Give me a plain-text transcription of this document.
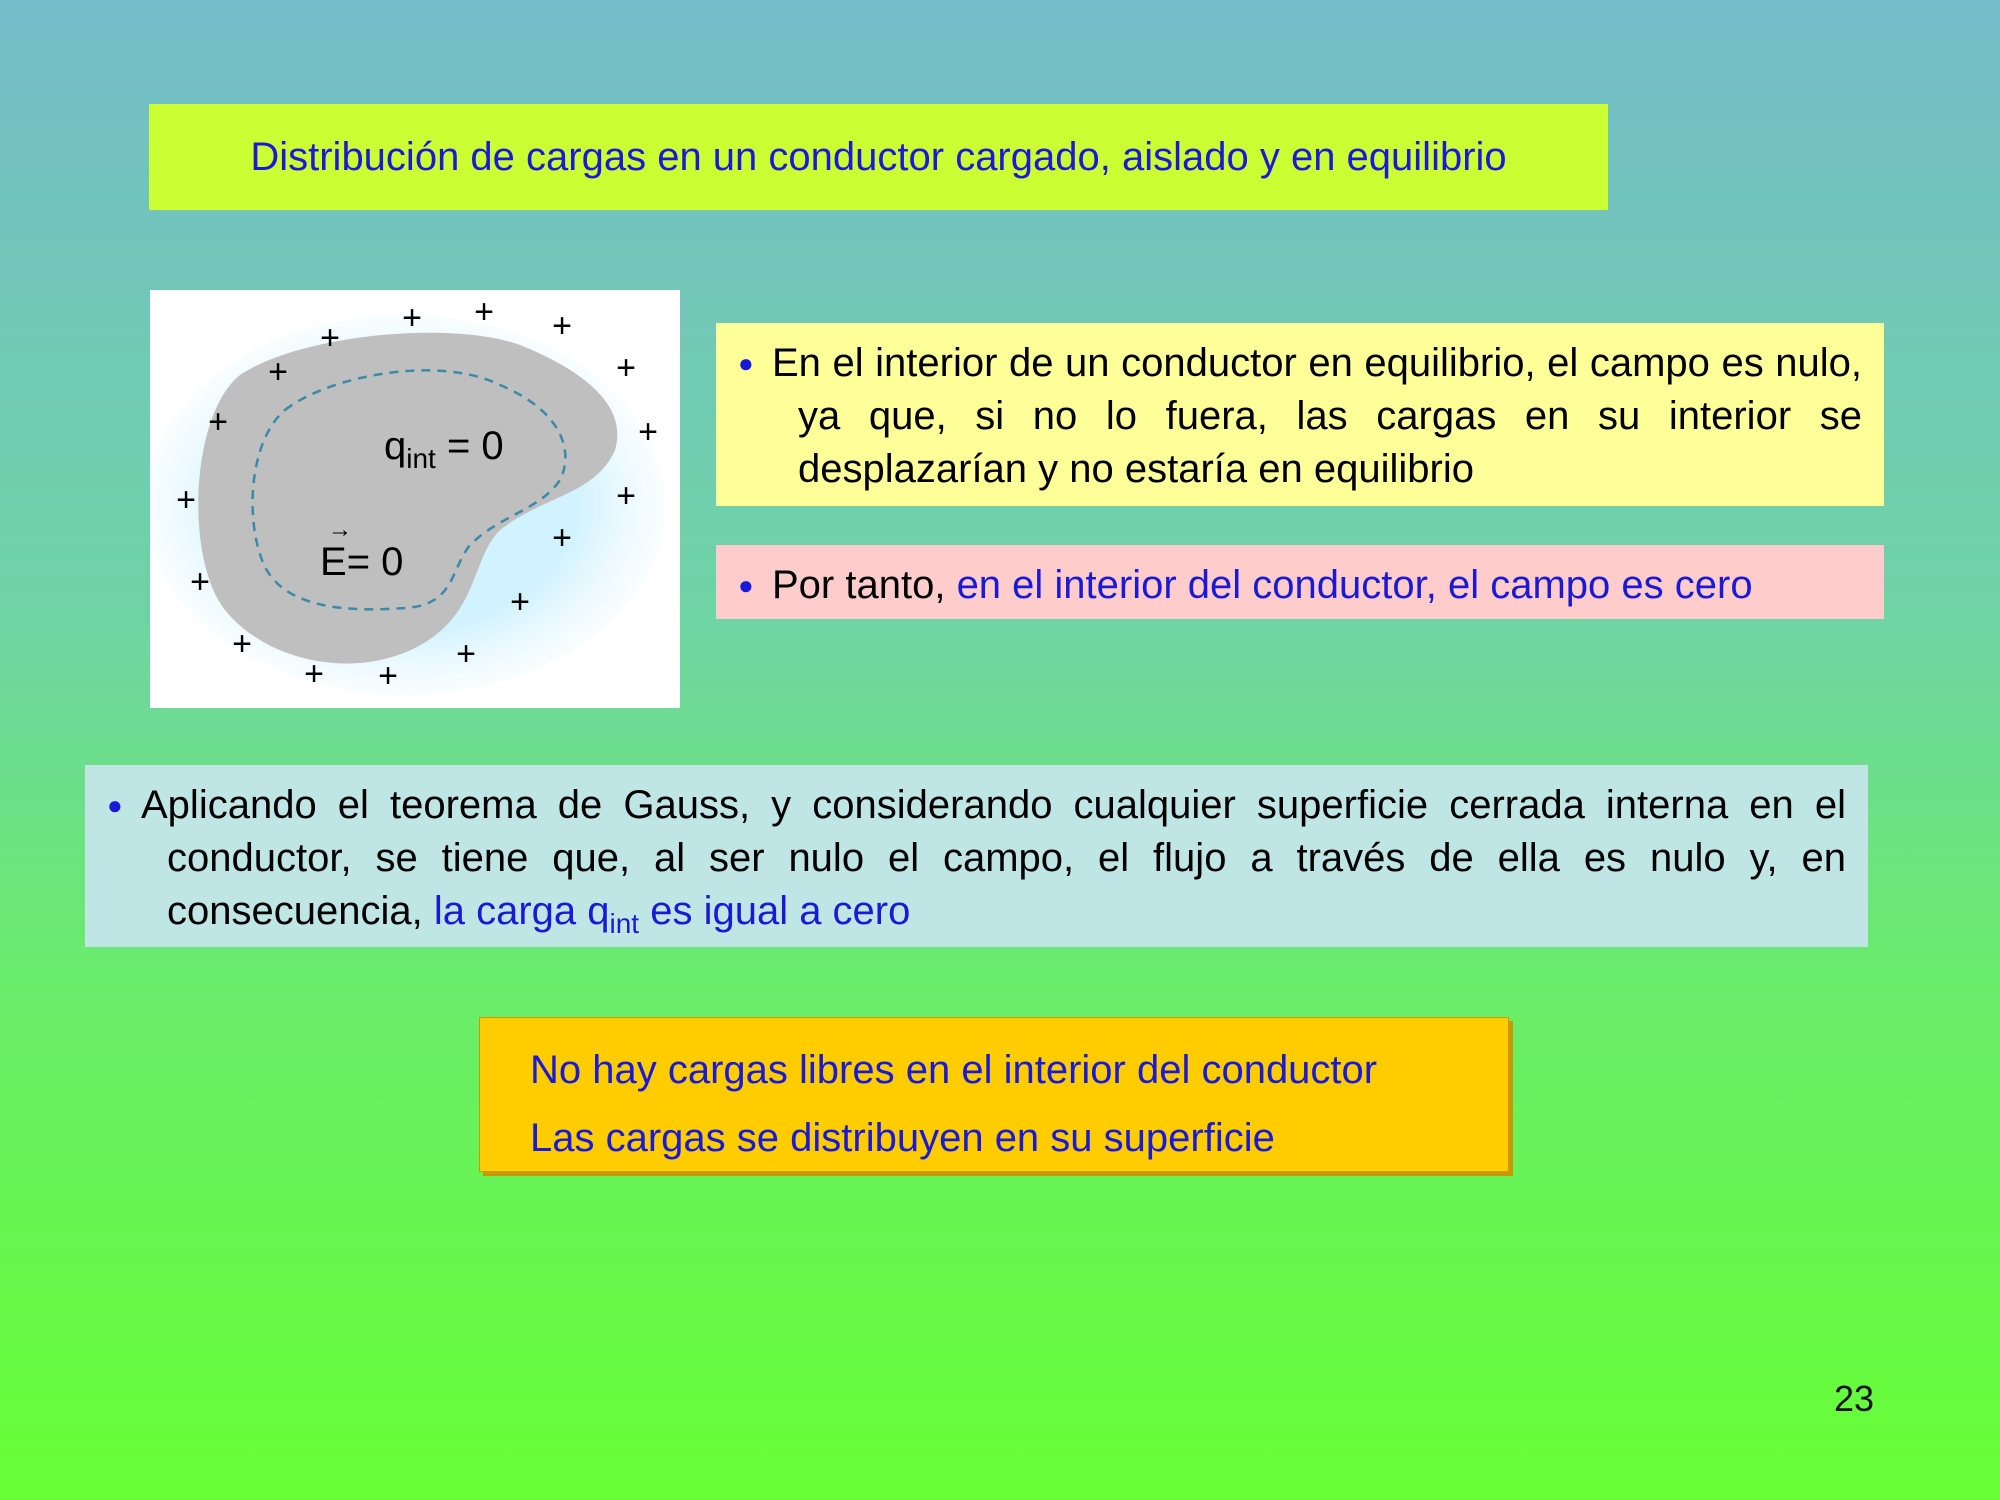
Distribución de cargas en un conductor cargado, aislado y en equilibrio
+ + +
+
+	+
+	+
+	+
+
+
+
+	+
+ +
$q_{int} = 0$
→
E= 0
● En el interior de un conductor en equilibrio, el campo es nulo, ya que, si no lo fuera, las cargas en su interior se desplazarían y no estaría en equilibrio
● Por tanto, en el interior del conductor, el campo es cero
● Aplicando el teorema de Gauss, y considerando cualquier superficie cerrada interna en el conductor, se tiene que, al ser nulo el campo, el flujo a través de ella es nulo y, en consecuencia, la carga $q_{int}$ es igual a cero
No hay cargas libres en el interior del conductor
Las cargas se distribuyen en su superficie
23
